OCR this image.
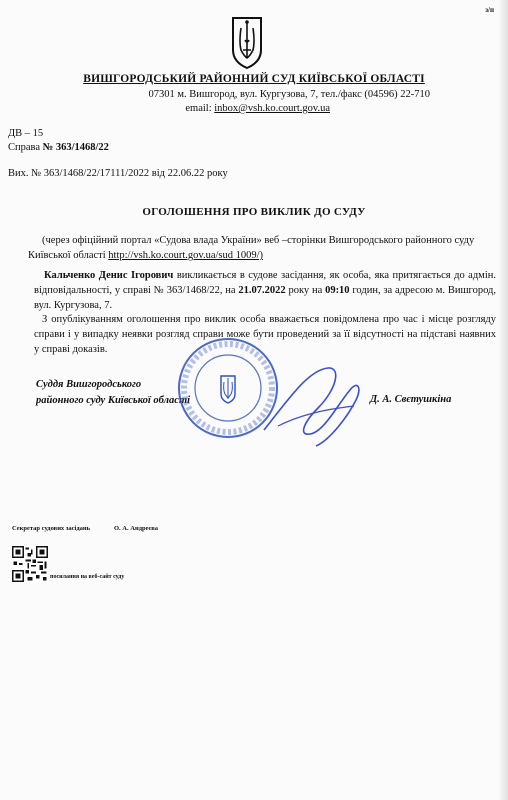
з/п
ВИШГОРОДСЬКИЙ РАЙОННИЙ СУД КИЇВСЬКОЇ ОБЛАСТІ
07301 м. Вишгород, вул. Кургузова, 7, тел./факс (04596) 22-710
email: inbox@vsh.ko.court.gov.ua
ДВ – 15
Справа № 363/1468/22
Вих. № 363/1468/22/17111/2022 від 22.06.22 року
ОГОЛОШЕННЯ ПРО ВИКЛИК ДО СУДУ
(через офіційний портал «Судова влада України» веб –сторінки Вишгородського районного суду Київської області http://vsh.ko.court.gov.ua/sud 1009/)
Кальченко Денис Ігорович викликається в судове засідання, як особа, яка притягається до адмін. відповідальності, у справі № 363/1468/22, на 21.07.2022 року на 09:10 годин, за адресою м. Вишгород, вул. Кургузова, 7.
З опублікуванням оголошення про виклик особа вважається повідомлена про час і місце розгляду справи і у випадку неявки розгляд справи може бути проведений за її відсутності на підставі наявних у справі доказів.
Суддя Вишгородського
районного суду Київської області	Д. А. Свєтушкіна
Секретар судових засідань	О. А. Андреєва
посилання на веб-сайт суду
